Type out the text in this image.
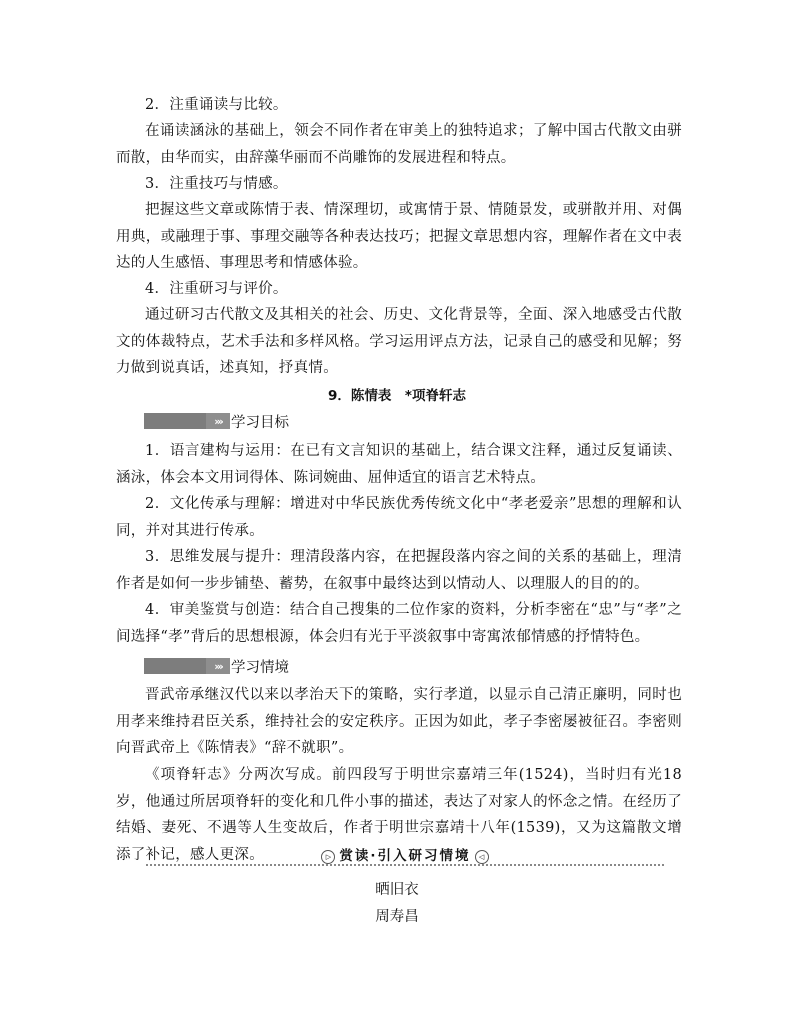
2．注重诵读与比较。
在诵读涵泳的基础上，领会不同作者在审美上的独特追求；了解中国古代散文由骈而散，由华而实，由辞藻华丽而不尚雕饰的发展进程和特点。
3．注重技巧与情感。
把握这些文章或陈情于表、情深理切，或寓情于景、情随景发，或骈散并用、对偶用典，或融理于事、事理交融等各种表达技巧；把握文章思想内容，理解作者在文中表达的人生感悟、事理思考和情感体验。
4．注重研习与评价。
通过研习古代散文及其相关的社会、历史、文化背景等，全面、深入地感受古代散文的体裁特点，艺术手法和多样风格。学习运用评点方法，记录自己的感受和见解；努力做到说真话，述真知，抒真情。
9．陈情表　*项脊轩志
››› 学习目标
1．语言建构与运用：在已有文言知识的基础上，结合课文注释，通过反复诵读、涵泳，体会本文用词得体、陈词婉曲、屈伸适宜的语言艺术特点。
2．文化传承与理解：增进对中华民族优秀传统文化中“孝老爱亲”思想的理解和认同，并对其进行传承。
3．思维发展与提升：理清段落内容，在把握段落内容之间的关系的基础上，理清作者是如何一步步铺垫、蓄势，在叙事中最终达到以情动人、以理服人的目的的。
4．审美鉴赏与创造：结合自己搜集的二位作家的资料，分析李密在“忠”与“孝”之间选择“孝”背后的思想根源，体会归有光于平淡叙事中寄寓浓郁情感的抒情特色。
››› 学习情境
晋武帝承继汉代以来以孝治天下的策略，实行孝道，以显示自己清正廉明，同时也用孝来维持君臣关系，维持社会的安定秩序。正因为如此，孝子李密屡被征召。李密则向晋武帝上《陈情表》“辞不就职”。
《项脊轩志》分两次写成。前四段写于明世宗嘉靖三年(1524)，当时归有光18岁，他通过所居项脊轩的变化和几件小事的描述，表达了对家人的怀念之情。在经历了结婚、妻死、不遇等人生变故后，作者于明世宗嘉靖十八年(1539)，又为这篇散文增添了补记，感人更深。	▷ 赏读·引入研习情境 ◁
晒旧衣
周寿昌
